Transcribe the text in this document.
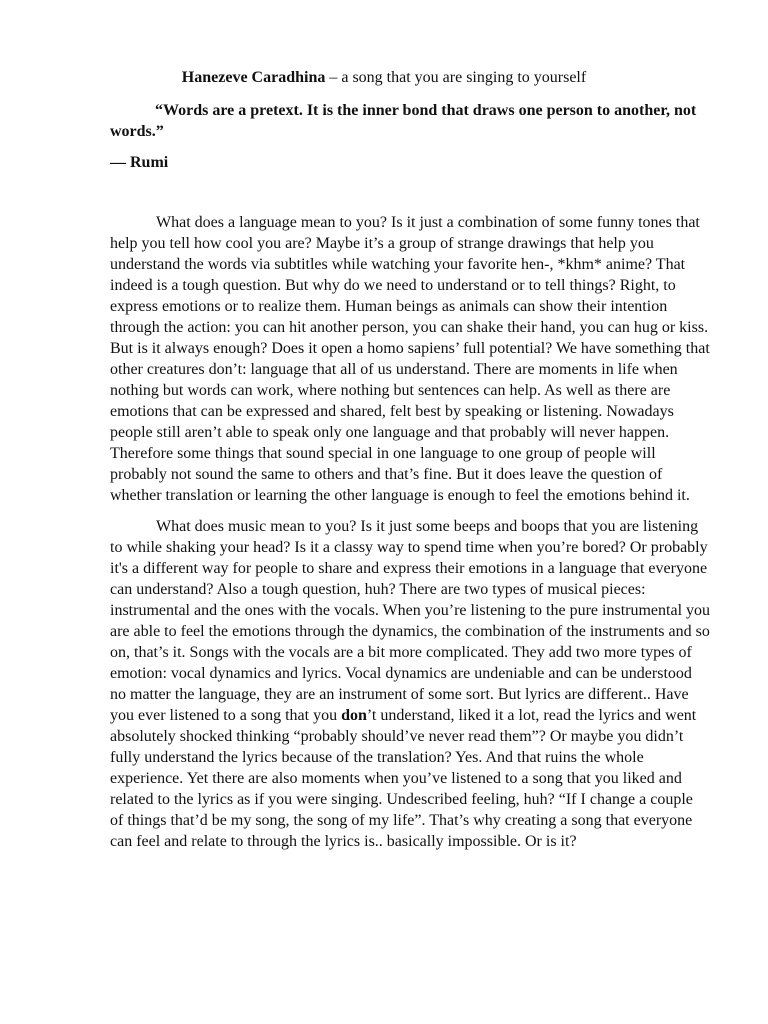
Hanezeve Caradhina – a song that you are singing to yourself

“Words are a pretext. It is the inner bond that draws one person to another, not words.”

— Rumi

What does a language mean to you? Is it just a combination of some funny tones that help you tell how cool you are? Maybe it’s a group of strange drawings that help you understand the words via subtitles while watching your favorite hen-, *khm* anime? That indeed is a tough question. But why do we need to understand or to tell things? Right, to express emotions or to realize them. Human beings as animals can show their intention through the action: you can hit another person, you can shake their hand, you can hug or kiss. But is it always enough? Does it open a homo sapiens’ full potential? We have something that other creatures don’t: language that all of us understand. There are moments in life when nothing but words can work, where nothing but sentences can help. As well as there are emotions that can be expressed and shared, felt best by speaking or listening. Nowadays people still aren’t able to speak only one language and that probably will never happen. Therefore some things that sound special in one language to one group of people will probably not sound the same to others and that’s fine. But it does leave the question of whether translation or learning the other language is enough to feel the emotions behind it.

What does music mean to you? Is it just some beeps and boops that you are listening to while shaking your head? Is it a classy way to spend time when you’re bored? Or probably it's a different way for people to share and express their emotions in a language that everyone can understand? Also a tough question, huh? There are two types of musical pieces: instrumental and the ones with the vocals. When you’re listening to the pure instrumental you are able to feel the emotions through the dynamics, the combination of the instruments and so on, that’s it. Songs with the vocals are a bit more complicated. They add two more types of emotion: vocal dynamics and lyrics. Vocal dynamics are undeniable and can be understood no matter the language, they are an instrument of some sort. But lyrics are different.. Have you ever listened to a song that you don’t understand, liked it a lot, read the lyrics and went absolutely shocked thinking “probably should’ve never read them”? Or maybe you didn’t fully understand the lyrics because of the translation? Yes. And that ruins the whole experience. Yet there are also moments when you’ve listened to a song that you liked and related to the lyrics as if you were singing. Undescribed feeling, huh? “If I change a couple of things that’d be my song, the song of my life”. That’s why creating a song that everyone can feel and relate to through the lyrics is.. basically impossible. Or is it?
